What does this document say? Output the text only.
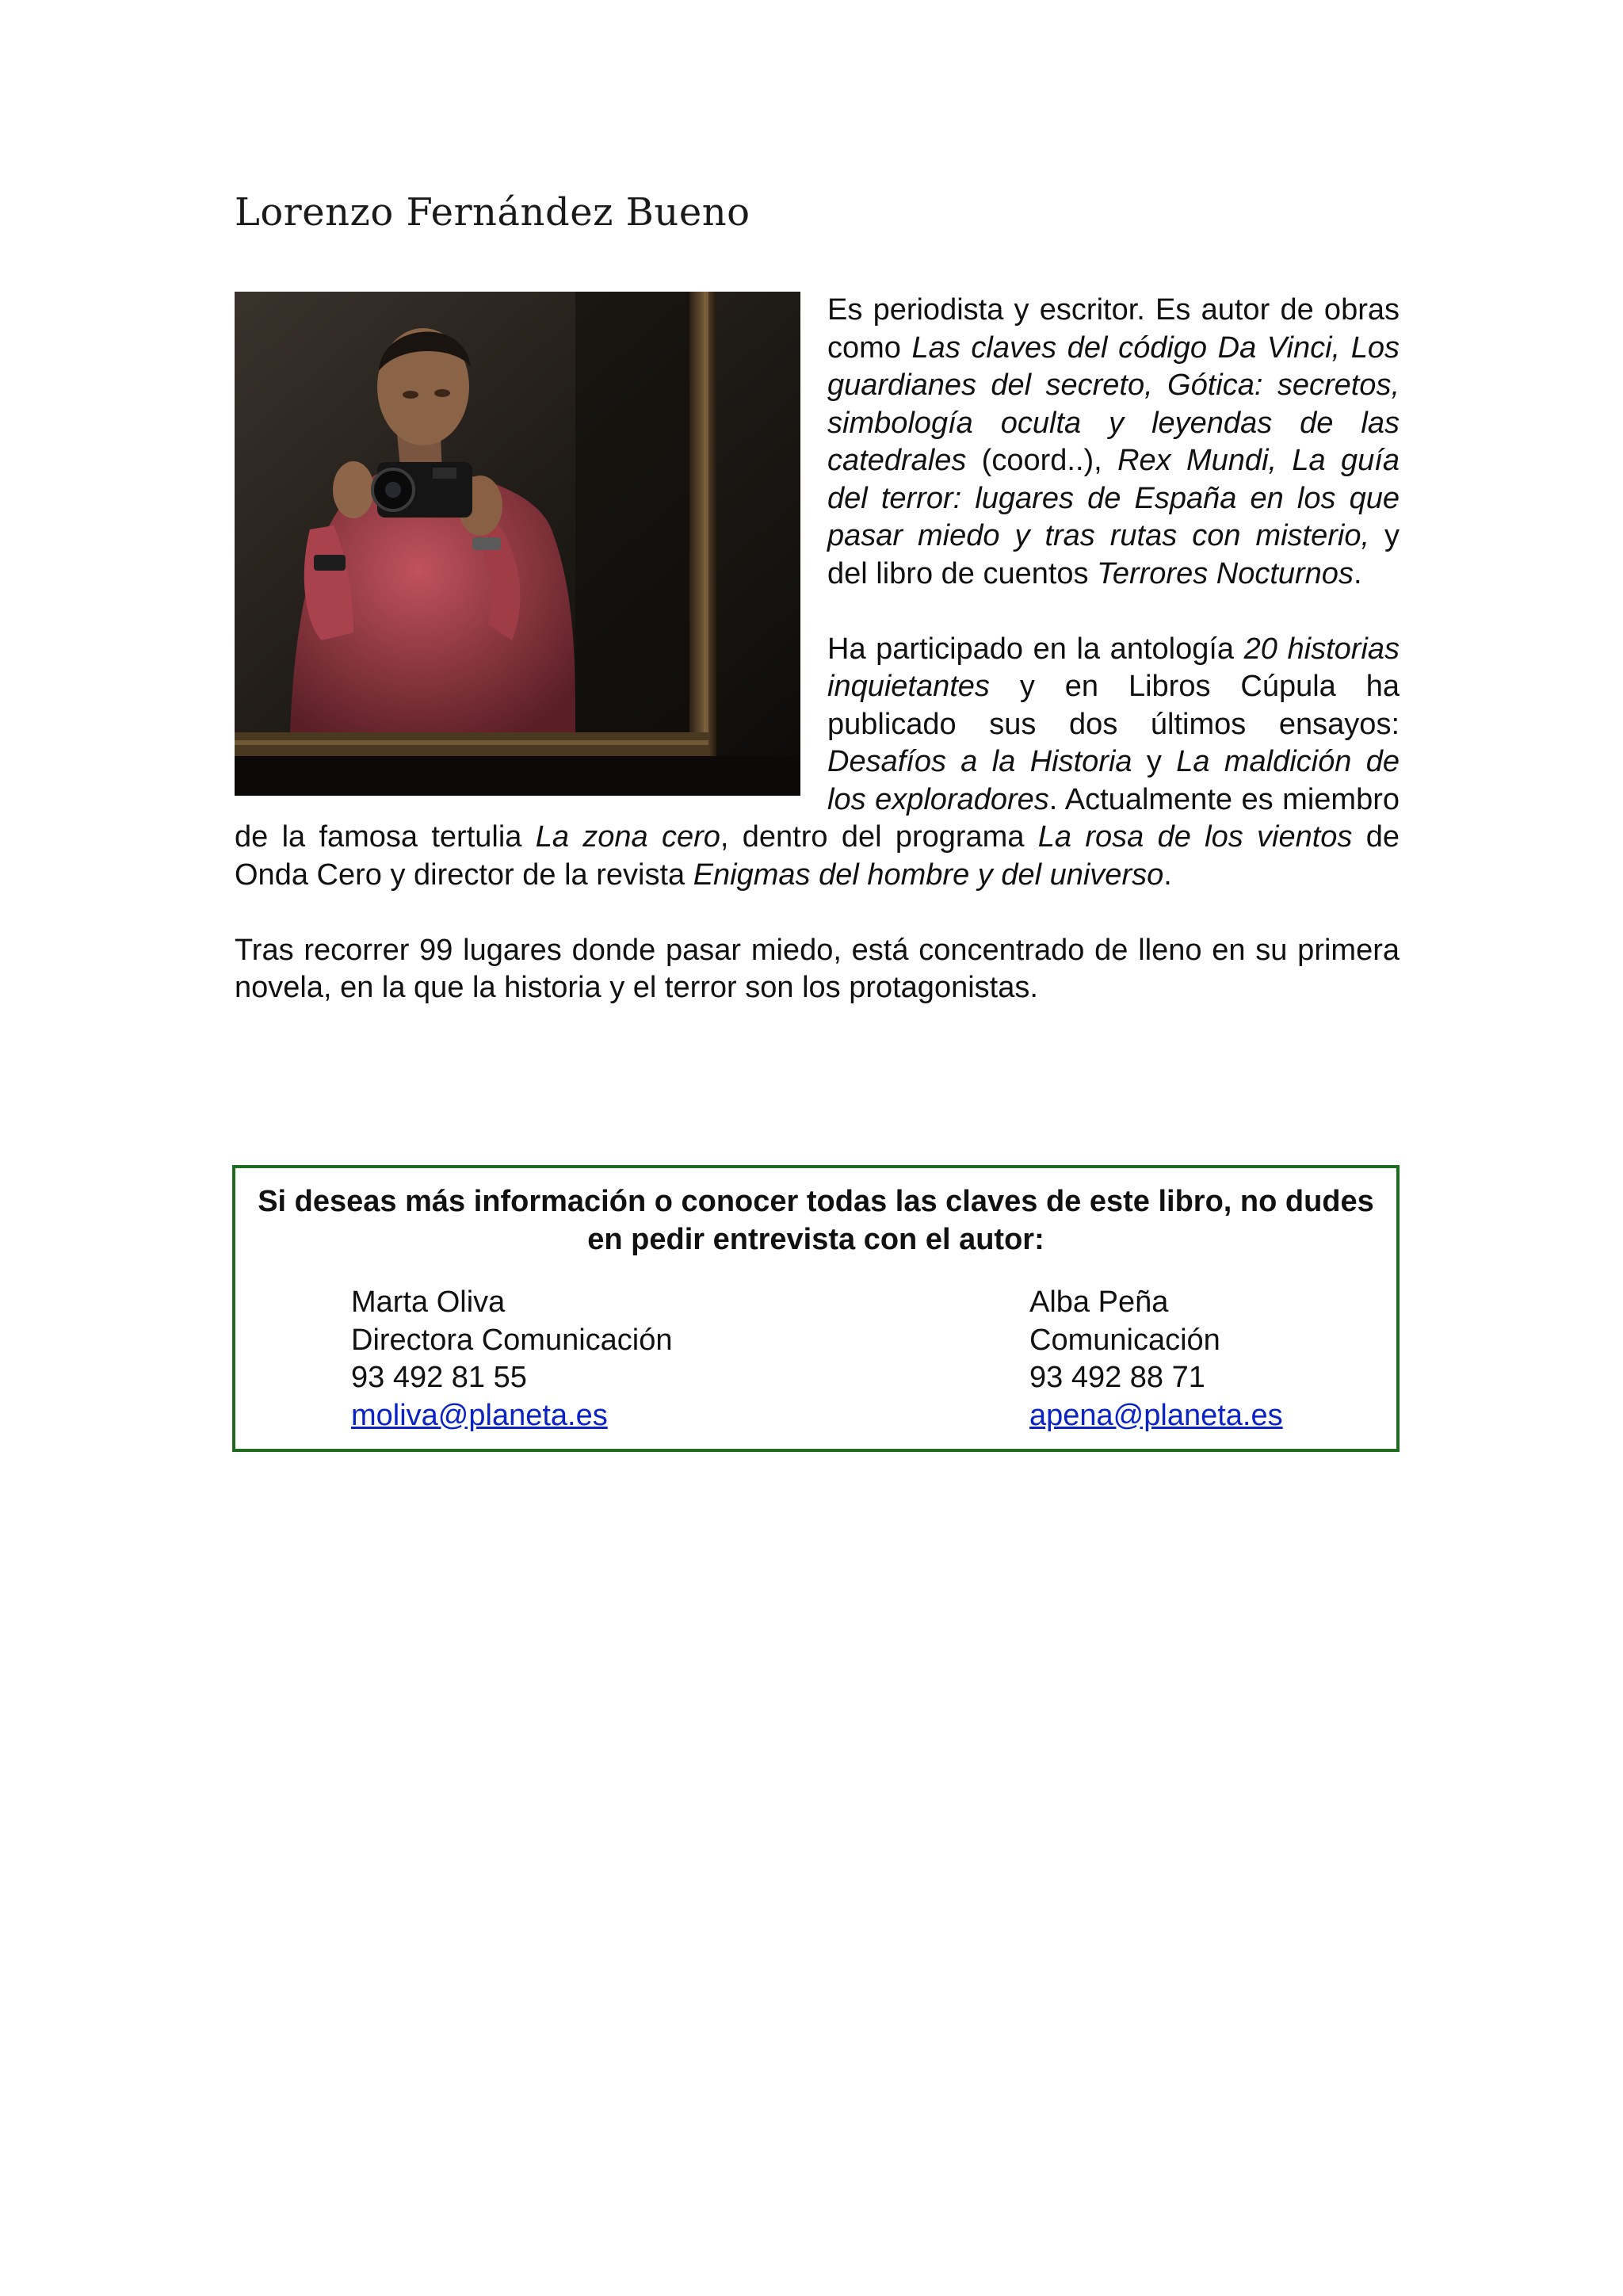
Lorenzo Fernández Bueno

Es periodista y escritor. Es autor de obras como Las claves del código Da Vinci, Los guardianes del secreto, Gótica: secretos, simbología oculta y leyendas de las catedrales (coord..), Rex Mundi, La guía del terror: lugares de España en los que pasar miedo y tras rutas con misterio, y del libro de cuentos Terrores Nocturnos.

Ha participado en la antología 20 historias inquietantes y en Libros Cúpula ha publicado sus dos últimos ensayos: Desafíos a la Historia y La maldición de los exploradores. Actualmente es miembro de la famosa tertulia La zona cero, dentro del programa La rosa de los vientos de Onda Cero y director de la revista Enigmas del hombre y del universo.

Tras recorrer 99 lugares donde pasar miedo, está concentrado de lleno en su primera novela, en la que la historia y el terror son los protagonistas.

Si deseas más información o conocer todas las claves de este libro, no dudes en pedir entrevista con el autor:

Marta Oliva
Directora Comunicación
93 492 81 55
moliva@planeta.es
Alba Peña
Comunicación
93 492 88 71
apena@planeta.es
